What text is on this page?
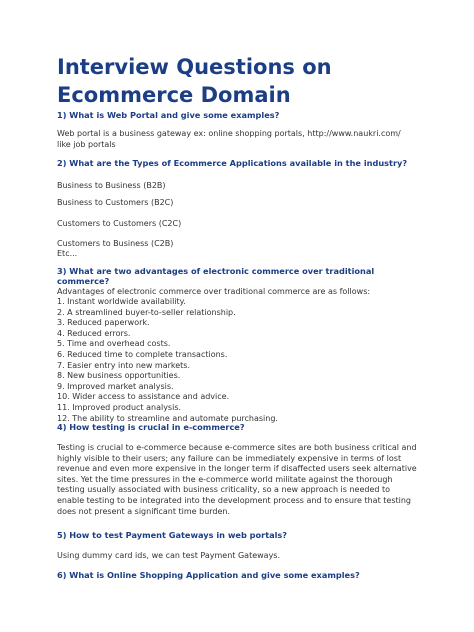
Interview Questions on
Ecommerce Domain
1) What is Web Portal and give some examples?
Web portal is a business gateway ex: online shopping portals, http://www.naukri.com/
like job portals
2) What are the Types of Ecommerce Applications available in the industry?
Business to Business (B2B)
Business to Customers (B2C)
Customers to Customers (C2C)
Customers to Business (C2B)
Etc...
3) What are two advantages of electronic commerce over traditional
commerce?
Advantages of electronic commerce over traditional commerce are as follows:
1. Instant worldwide availability.
2. A streamlined buyer-to-seller relationship.
3. Reduced paperwork.
4. Reduced errors.
5. Time and overhead costs.
6. Reduced time to complete transactions.
7. Easier entry into new markets.
8. New business opportunities.
9. Improved market analysis.
10. Wider access to assistance and advice.
11. Improved product analysis.
12. The ability to streamline and automate purchasing.
4) How testing is crucial in e-commerce?
Testing is crucial to e-commerce because e-commerce sites are both business critical and
highly visible to their users; any failure can be immediately expensive in terms of lost
revenue and even more expensive in the longer term if disaffected users seek alternative
sites. Yet the time pressures in the e-commerce world militate against the thorough
testing usually associated with business criticality, so a new approach is needed to
enable testing to be integrated into the development process and to ensure that testing
does not present a significant time burden.
5) How to test Payment Gateways in web portals?
Using dummy card ids, we can test Payment Gateways.
6) What is Online Shopping Application and give some examples?
